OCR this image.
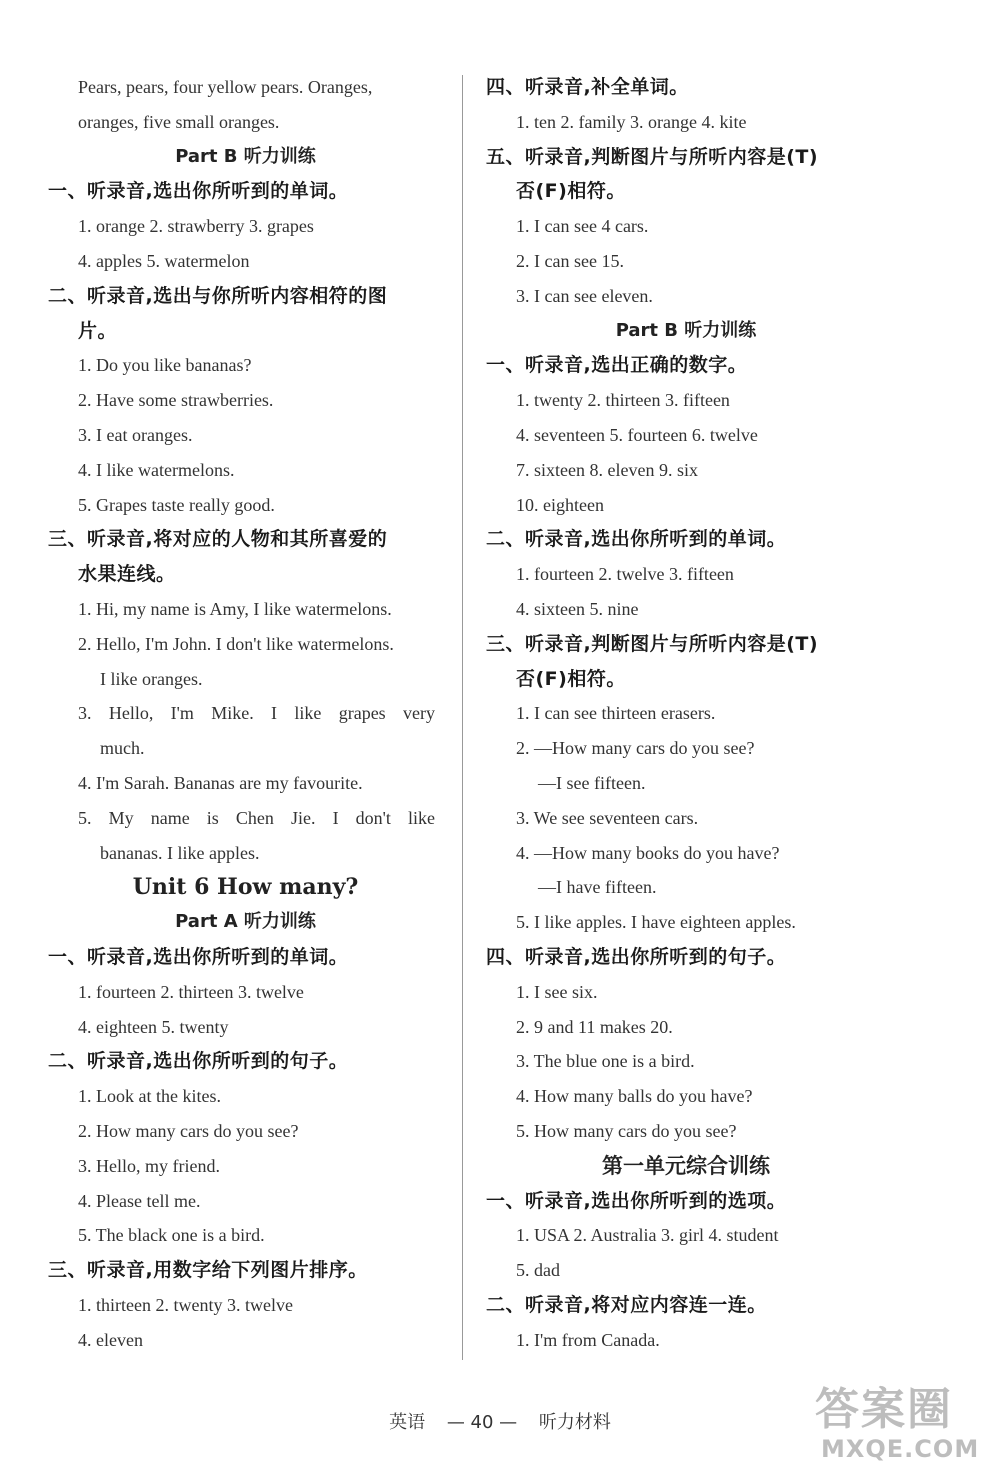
Pears, pears, four yellow pears. Oranges,
oranges, five small oranges.
Part B 听力训练
一、听录音,选出你所听到的单词。
1. orange 2. strawberry 3. grapes
4. apples 5. watermelon
二、听录音,选出与你所听内容相符的图
片。
1. Do you like bananas?
2. Have some strawberries.
3. I eat oranges.
4. I like watermelons.
5. Grapes taste really good.
三、听录音,将对应的人物和其所喜爱的
水果连线。
1. Hi, my name is Amy, I like watermelons.
2. Hello, I'm John. I don't like watermelons.
I like oranges.
3. Hello, I'm Mike. I like grapes very
much.
4. I'm Sarah. Bananas are my favourite.
5. My name is Chen Jie. I don't like
bananas. I like apples.
Unit 6 How many?
Part A 听力训练
一、听录音,选出你所听到的单词。
1. fourteen 2. thirteen 3. twelve
4. eighteen 5. twenty
二、听录音,选出你所听到的句子。
1. Look at the kites.
2. How many cars do you see?
3. Hello, my friend.
4. Please tell me.
5. The black one is a bird.
三、听录音,用数字给下列图片排序。
1. thirteen 2. twenty 3. twelve
4. eleven
四、听录音,补全单词。
1. ten 2. family 3. orange 4. kite
五、听录音,判断图片与所听内容是(T)
否(F)相符。
1. I can see 4 cars.
2. I can see 15.
3. I can see eleven.
Part B 听力训练
一、听录音,选出正确的数字。
1. twenty 2. thirteen 3. fifteen
4. seventeen 5. fourteen 6. twelve
7. sixteen 8. eleven 9. six
10. eighteen
二、听录音,选出你所听到的单词。
1. fourteen 2. twelve 3. fifteen
4. sixteen 5. nine
三、听录音,判断图片与所听内容是(T)
否(F)相符。
1. I can see thirteen erasers.
2. —How many cars do you see?
—I see fifteen.
3. We see seventeen cars.
4. —How many books do you have?
—I have fifteen.
5. I like apples. I have eighteen apples.
四、听录音,选出你所听到的句子。
1. I see six.
2. 9 and 11 makes 20.
3. The blue one is a bird.
4. How many balls do you have?
5. How many cars do you see?
第一单元综合训练
一、听录音,选出你所听到的选项。
1. USA 2. Australia 3. girl 4. student
5. dad
二、听录音,将对应内容连一连。
1. I'm from Canada.
英语 — 40 — 听力材料	答案圈
MXQE.COM
